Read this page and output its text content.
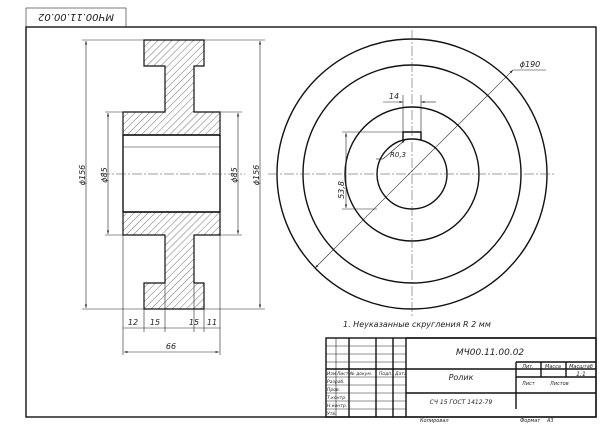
МЧ00.11.00.02
ϕ156 ϕ85	ϕ85 ϕ156
12 15	15 11
66
ϕ190
14
R0,3
53,8
1. Неуказанные скругления R 2 мм
МЧ00.11.00.02
Изм Лист № докум. Подп. Дата
Разраб.
Пров.
Т.контр.
Н.контр.
Утв.
Ролик
СЧ 15 ГОСТ 1412-79
Лит. Масса Масштаб
1:1
Лист	Листов
Копировал	Формат А3
